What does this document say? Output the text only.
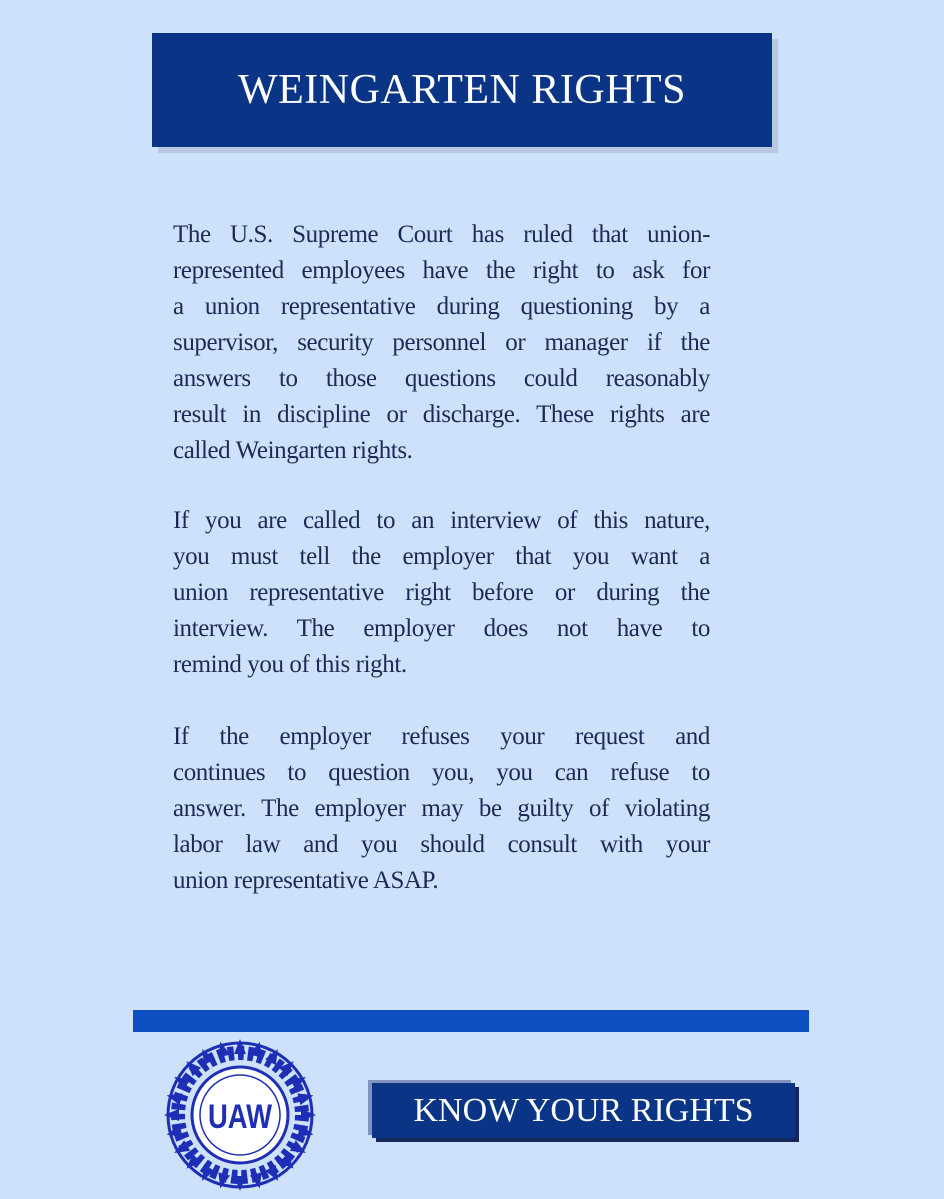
WEINGARTEN RIGHTS
The U.S. Supreme Court has ruled that union-
represented employees have the right to ask for
a union representative during questioning by a
supervisor, security personnel or manager if the
answers to those questions could reasonably
result in discipline or discharge. These rights are
called Weingarten rights.
If you are called to an interview of this nature,
you must tell the employer that you want a
union representative right before or during the
interview. The employer does not have to
remind you of this right.
If the employer refuses your request and
continues to question you, you can refuse to
answer. The employer may be guilty of violating
labor law and you should consult with your
union representative ASAP.
UAW	KNOW YOUR RIGHTS
